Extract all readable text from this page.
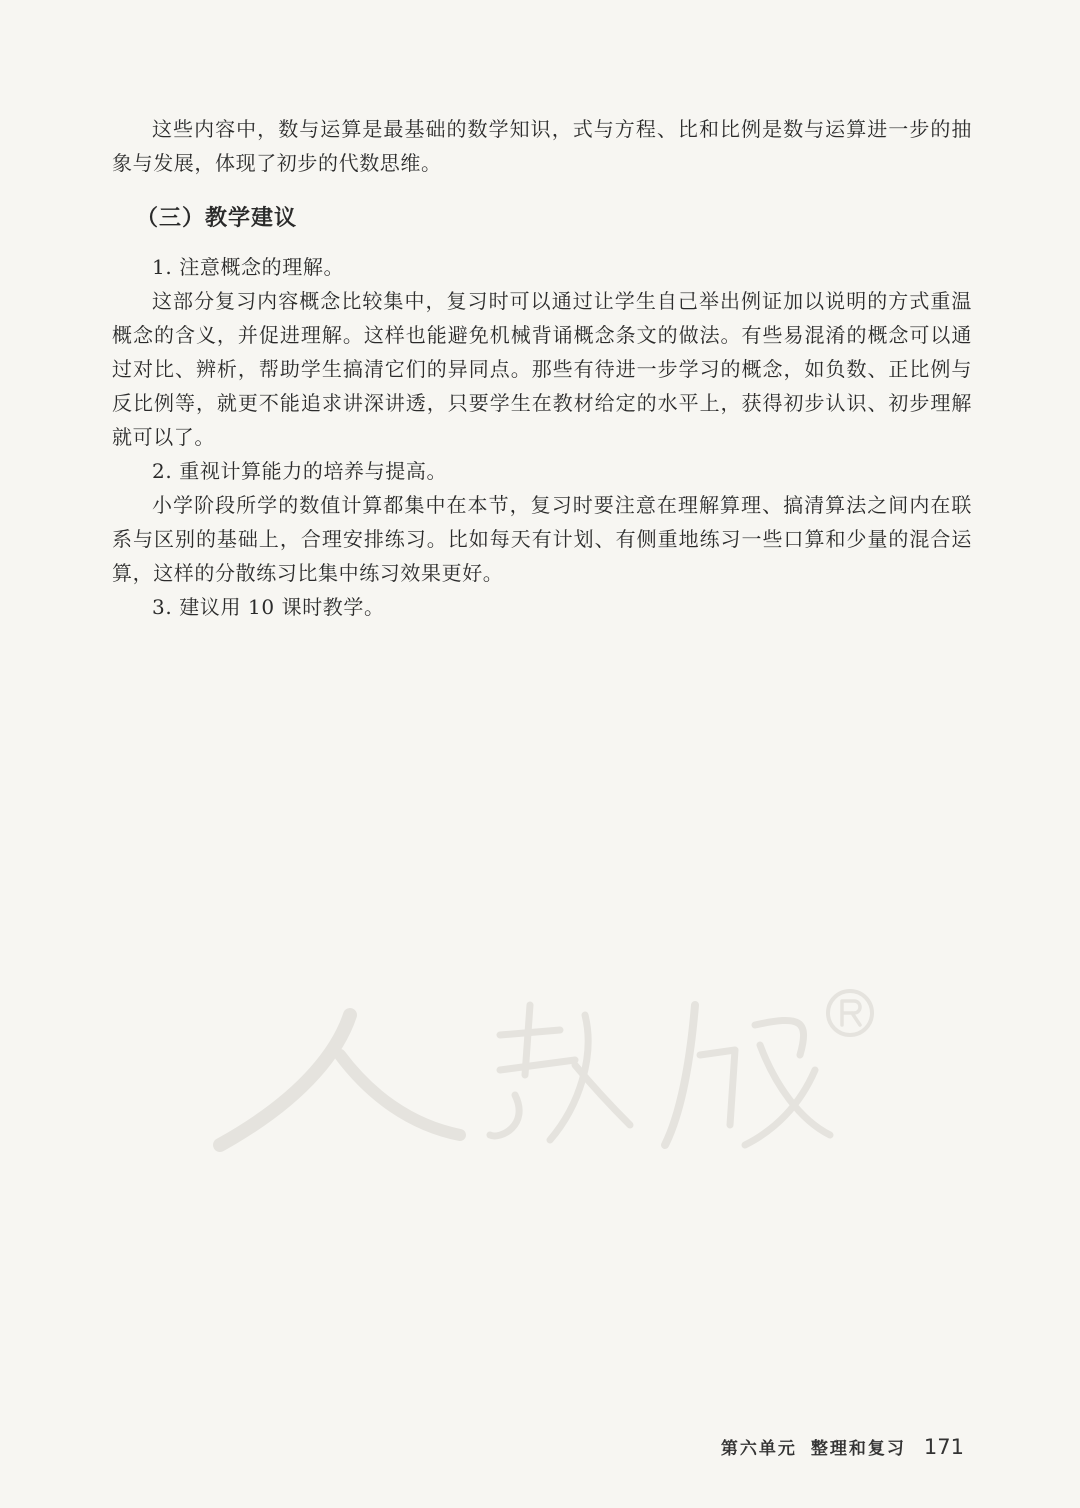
这些内容中，数与运算是最基础的数学知识，式与方程、比和比例是数与运算进一步的抽象与发展，体现了初步的代数思维。

（三）教学建议

1. 注意概念的理解。

这部分复习内容概念比较集中，复习时可以通过让学生自己举出例证加以说明的方式重温概念的含义，并促进理解。这样也能避免机械背诵概念条文的做法。有些易混淆的概念可以通过对比、辨析，帮助学生搞清它们的异同点。那些有待进一步学习的概念，如负数、正比例与反比例等，就更不能追求讲深讲透，只要学生在教材给定的水平上，获得初步认识、初步理解就可以了。

2. 重视计算能力的培养与提高。

小学阶段所学的数值计算都集中在本节，复习时要注意在理解算理、搞清算法之间内在联系与区别的基础上，合理安排练习。比如每天有计划、有侧重地练习一些口算和少量的混合运算，这样的分散练习比集中练习效果更好。

3. 建议用 10 课时教学。

第六单元 整理和复习 171
